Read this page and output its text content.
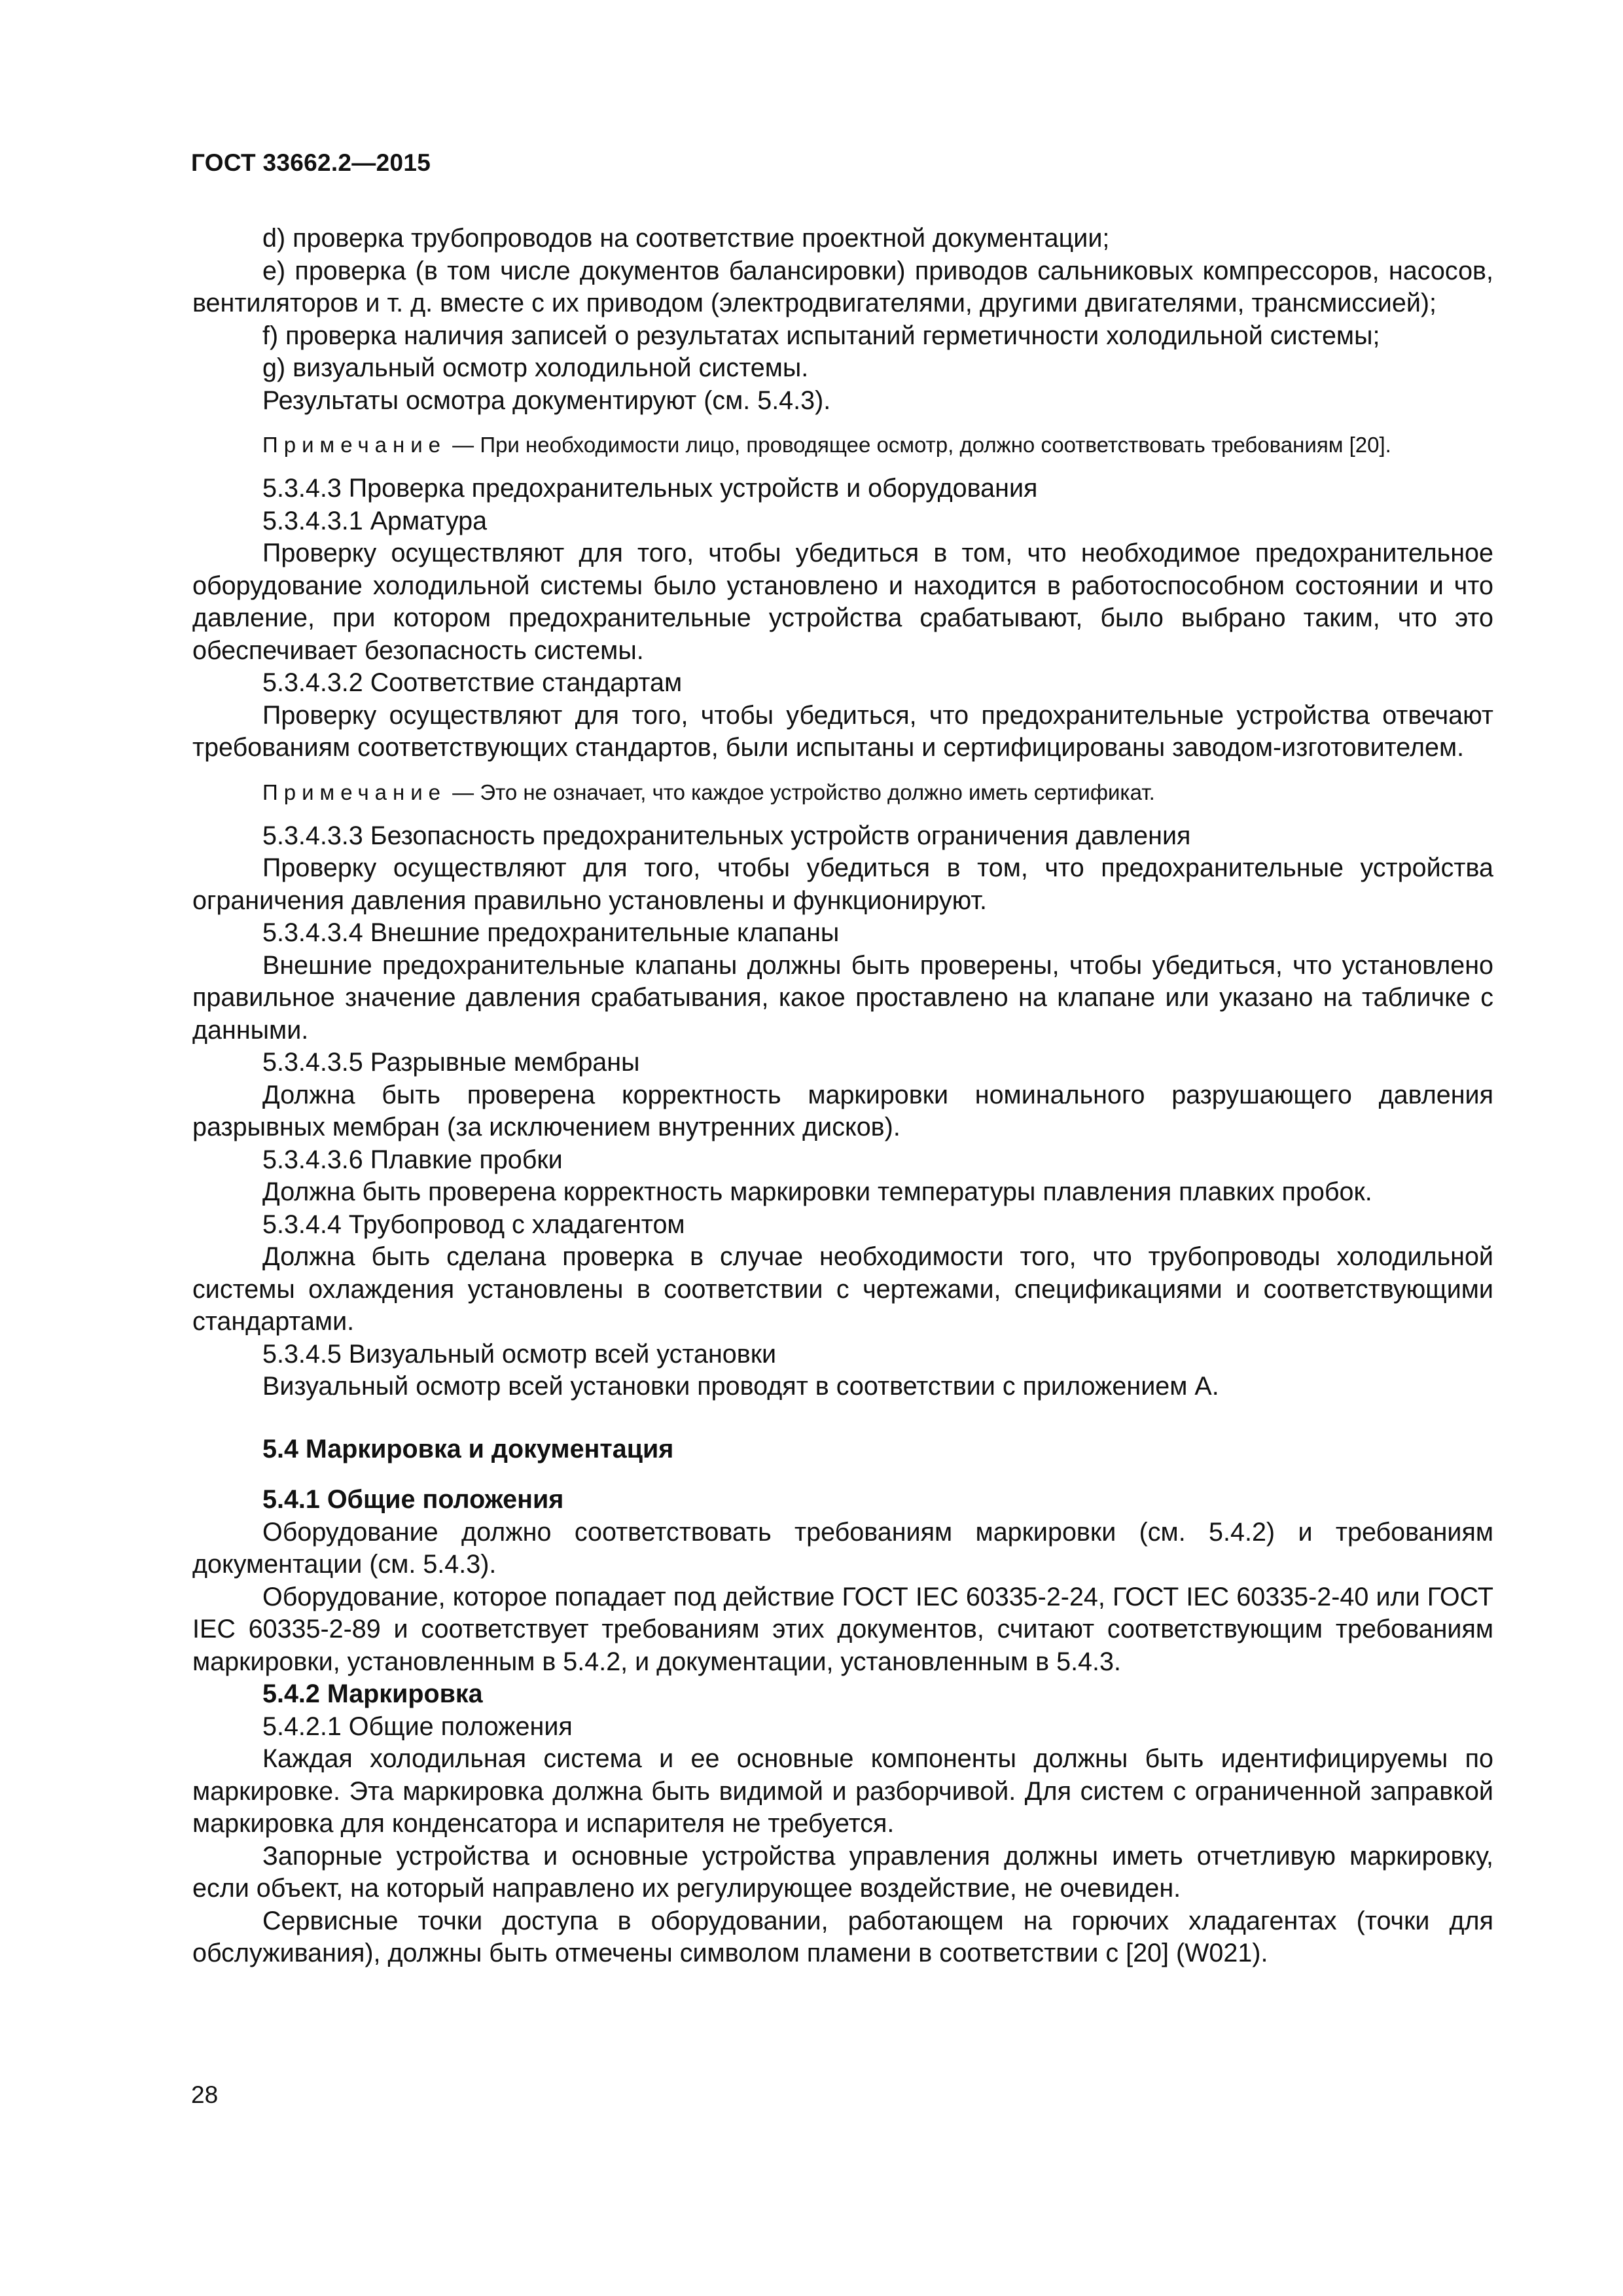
ГОСТ 33662.2—2015

d) проверка трубопроводов на соответствие проектной документации;

е) проверка (в том числе документов балансировки) приводов сальниковых компрессоров, насосов, вентиляторов и т. д. вместе с их приводом (электродвигателями, другими двигателями, трансмиссией);

f) проверка наличия записей о результатах испытаний герметичности холодильной системы;

g) визуальный осмотр холодильной системы.

Результаты осмотра документируют (см. 5.4.3).

Примечание — При необходимости лицо, проводящее осмотр, должно соответствовать требованиям [20].

5.3.4.3 Проверка предохранительных устройств и оборудования

5.3.4.3.1 Арматура

Проверку осуществляют для того, чтобы убедиться в том, что необходимое предохранительное оборудование холодильной системы было установлено и находится в работоспособном состоянии и что давление, при котором предохранительные устройства срабатывают, было выбрано таким, что это обеспечивает безопасность системы.

5.3.4.3.2 Соответствие стандартам

Проверку осуществляют для того, чтобы убедиться, что предохранительные устройства отвечают требованиям соответствующих стандартов, были испытаны и сертифицированы заводом-изготовителем.

Примечание — Это не означает, что каждое устройство должно иметь сертификат.

5.3.4.3.3 Безопасность предохранительных устройств ограничения давления

Проверку осуществляют для того, чтобы убедиться в том, что предохранительные устройства ограничения давления правильно установлены и функционируют.

5.3.4.3.4 Внешние предохранительные клапаны

Внешние предохранительные клапаны должны быть проверены, чтобы убедиться, что установлено правильное значение давления срабатывания, какое проставлено на клапане или указано на табличке с данными.

5.3.4.3.5 Разрывные мембраны

Должна быть проверена корректность маркировки номинального разрушающего давления разрывных мембран (за исключением внутренних дисков).

5.3.4.3.6 Плавкие пробки

Должна быть проверена корректность маркировки температуры плавления плавких пробок.

5.3.4.4 Трубопровод с хладагентом

Должна быть сделана проверка в случае необходимости того, что трубопроводы холодильной системы охлаждения установлены в соответствии с чертежами, спецификациями и соответствующими стандартами.

5.3.4.5 Визуальный осмотр всей установки

Визуальный осмотр всей установки проводят в соответствии с приложением А.

5.4 Маркировка и документация

5.4.1 Общие положения

Оборудование должно соответствовать требованиям маркировки (см. 5.4.2) и требованиям документации (см. 5.4.3).

Оборудование, которое попадает под действие ГОСТ IEC 60335-2-24, ГОСТ IEC 60335-2-40 или ГОСТ IEC 60335-2-89 и соответствует требованиям этих документов, считают соответствующим требованиям маркировки, установленным в 5.4.2, и документации, установленным в 5.4.3.

5.4.2 Маркировка

5.4.2.1 Общие положения

Каждая холодильная система и ее основные компоненты должны быть идентифицируемы по маркировке. Эта маркировка должна быть видимой и разборчивой. Для систем с ограниченной заправкой маркировка для конденсатора и испарителя не требуется.

Запорные устройства и основные устройства управления должны иметь отчетливую маркировку, если объект, на который направлено их регулирующее воздействие, не очевиден.

Сервисные точки доступа в оборудовании, работающем на горючих хладагентах (точки для обслуживания), должны быть отмечены символом пламени в соответствии с [20] (W021).

28
